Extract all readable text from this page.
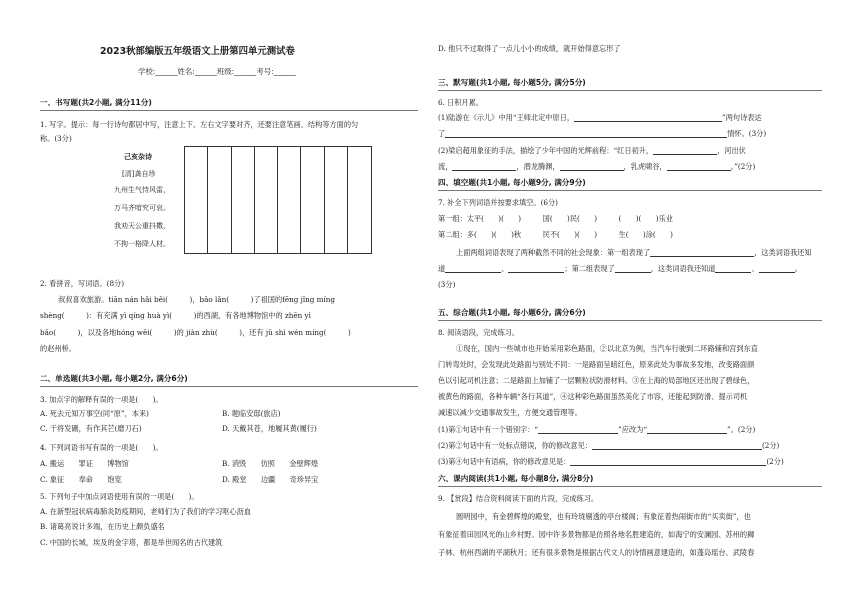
2023秋部编版五年级语文上册第四单元测试卷
学校:______姓名:______班级:______考号:______
一、书写题(共2小题, 满分11分)
1. 写字。提示：每一行诗句都居中写，注意上下、左右文字要对齐，还要注意笔画、结构等方面的匀
称。(3分)
己亥杂诗
[清]龚自珍
九州生气恃风雷，
万马齐喑究可哀。
我劝天公重抖擞，
不拘一格降人材。
2. 看拼音，写词语。(8分)
叔叔喜欢旅游。tiān nán hǎi běi(　　　)，bǎo lǎn(　　　)了祖国的fēng jǐng míng
shèng(　　　)：有充满 yì qíng huà yì(　　　)的西湖，有各地博物馆中的 zhēn yì
bǎo(　　　)，以及各地hóng wěi(　　　)的 jiàn zhù(　　　)，还有 jǔ shì wén míng(　　　)
的赵州桥。
二、单选题(共3小题, 每小题2分, 满分6分)
3. 加点字的解释有误的一项是(　　)。
A. 死去元知万事空(同“原”，本来)	B. 题临安邸(旅店)
C. 干将发硎，有作其芒(磨刀石)	D. 天戴其苍，地履其黄(履行)
4. 下列词语书写有误的一项是(　　)。
A. 搬运　　罪证　　博物馆	B. 消毁　　仿照　　金壁辉煌
C. 象征　　奉命　　饱览	D. 殿堂　　边疆　　奇珍异宝
5. 下列句子中加点词语使用有误的一项是(　　)。
A. 在新型冠状病毒肺炎防疫期间，老师们为了我们的学习呕心沥血
B. 诸葛亮说计多端，在历史上颇负盛名
C. 中国的长城，埃及的金字塔，都是举世闻名的古代建筑
D. 他只不过取得了一点儿小小的成绩，就开始得意忘形了
三、默写题(共1小题, 每小题5分, 满分5分)
6. 日积月累。
(1)陆游在《示儿》中用“王师北定中原日，	”两句诗表达
了	情怀。(3分)
(2)梁启超用象征的手法，描绘了少年中国的光辉前程：“红日初升，	，河出伏
流，	，潜龙腾渊，	，乳虎啸谷，	。”(2分)
四、填空题(共1小题, 每小题9分, 满分9分)
7. 补全下列词语并按要求填空。(6分)
第一组：太平(　　)(　　)　　　国(　　)民(　　)　　　(　　)(　　)乐业
第二组：多(　　)(　　)秋　　　民不(　　)(　　)　　　生(　　)涂(　　)
上面两组词语表现了两种截然不同的社会现象：第一组表现了	，这类词语我还知
道	、	；第二组表现了	，这类词语我还知道	、	。
(3分)
五、综合题(共1小题, 每小题6分, 满分6分)
8. 阅读语段，完成练习。
①现在，国内一些城市也开始采用彩色路面，②以北京为例，当汽车行驶到二环路辅和宫到东直
门转弯处时，会发现此处路面与别处不同：一是路面呈暗红色，原来此处为事故多发地，改变路面颜
色以引起司机注意；二是路面上加铺了一层颗粒状防滑材料。③在上海的局部地区还出现了碧绿色，
被黄色的路面，各种车辆“各行其道”，④这种彩色路面虽然美化了市容，还能起到防滑、提示司机
减速以减少交通事故发生，方便交通管理等。
(1)第①句话中有一个错别字：“	”应改为“	”。(2分)
(2)第②句话中有一处标点错误，你的修改意见：	(2分)
(3)第④句话中有语病，你的修改意见是：	(2分)
六、课内阅读(共1小题, 每小题8分, 满分8分)
9. 【赏段】结合资料阅读下面的片段，完成练习。
圆明园中，有金碧辉煌的殿堂，也有玲珑剔透的亭台楼阁；有象征着热闹街市的“买卖街”，也
有象征着田园风光的山乡村野。园中许多景物都是仿照各地名胜建造的，如海宁的安澜园、苏州的狮
子林、杭州西湖的平湖秋月；还有很多景物是根据古代文人的诗情画意建造的，如蓬岛瑶台、武陵春
